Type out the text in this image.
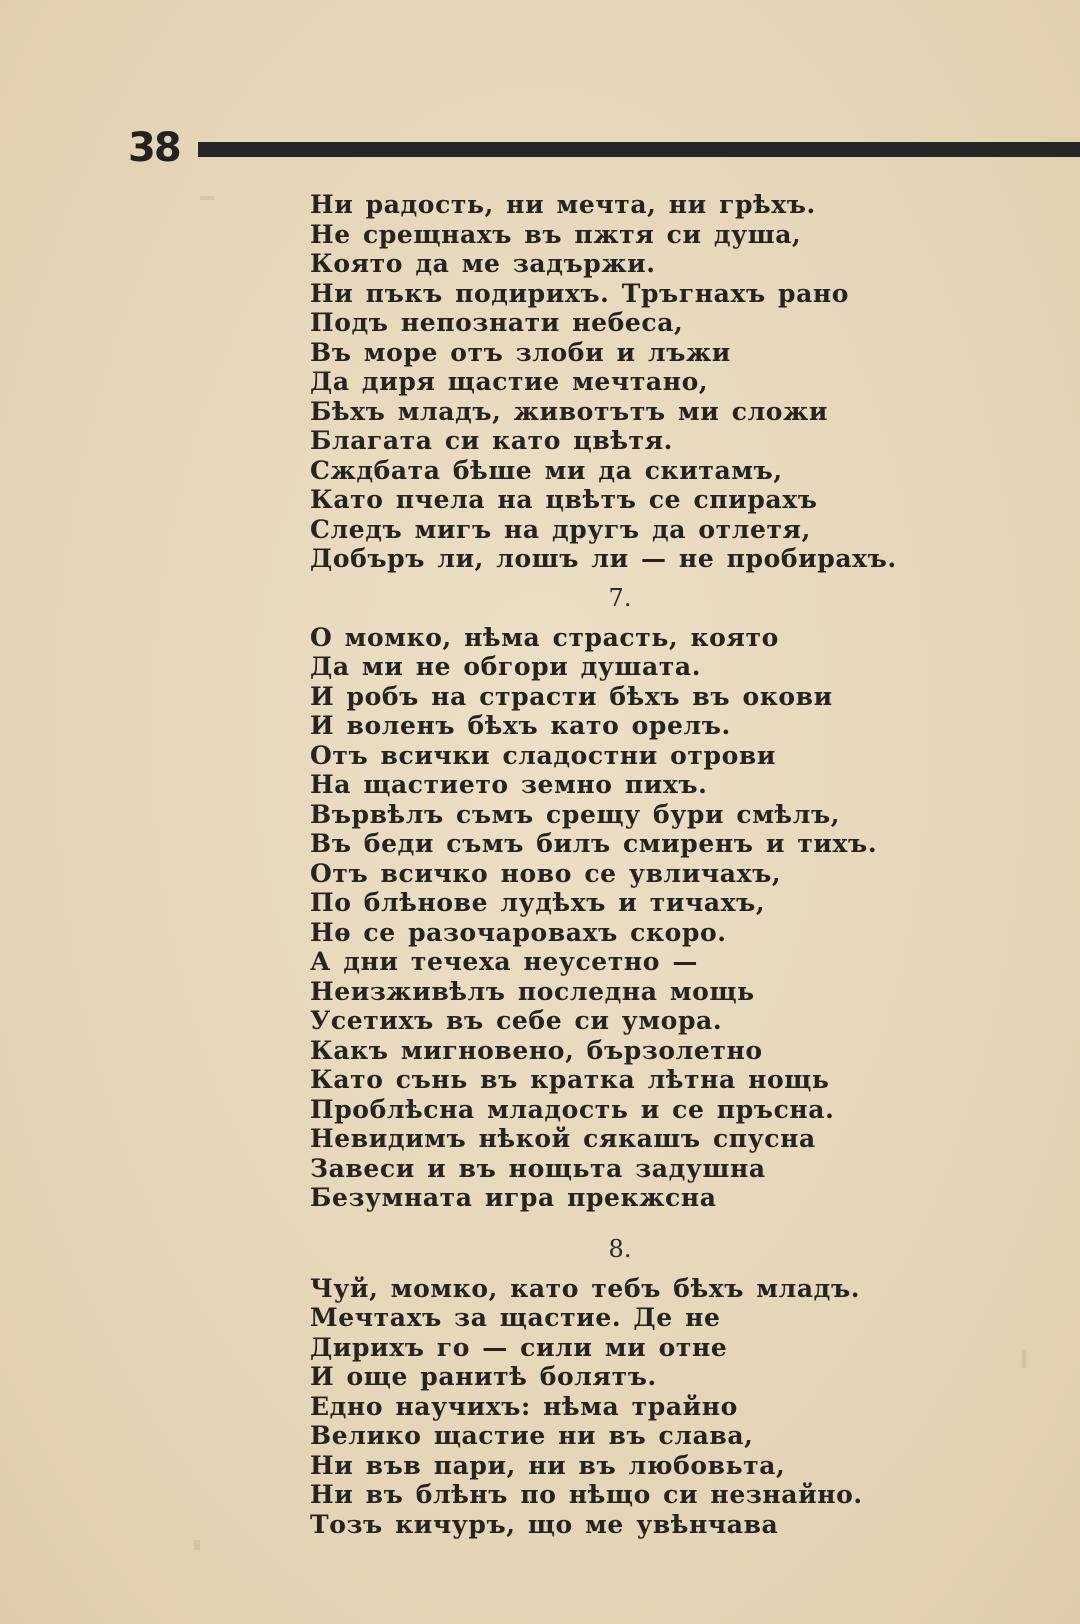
38
Ни радость, ни мечта, ни грѣхъ.
Не срещнахъ въ пжтя си душа,
Която да ме задържи.
Ни пъкъ подирихъ. Тръгнахъ рано
Подъ непознати небеса,
Въ море отъ злоби и лъжи
Да диря щастие мечтано,
Бѣхъ младъ, животътъ ми сложи
Благата си като цвѣтя.
Сждбата бѣше ми да скитамъ,
Като пчела на цвѣтъ се спирахъ
Следъ мигъ на другъ да отлетя,
Добъръ ли, лошъ ли — не пробирахъ.
7.
О момко, нѣма страсть, която
Да ми не обгори душата.
И робъ на страсти бѣхъ въ окови
И воленъ бѣхъ като орелъ.
Отъ всички сладостни отрови
На щастието земно пихъ.
Вървѣлъ съмъ срещу бури смѣлъ,
Въ беди съмъ билъ смиренъ и тихъ.
Отъ всичко ново се увличахъ,
По блѣнове лудѣхъ и тичахъ,
Нѳ се разочаровахъ скоро.
А дни течеха неусетно —
Неизживѣлъ последна мощь
Усетихъ въ себе си умора.
Какъ мигновено, бързолетно
Като сънь въ кратка лѣтна нощь
Проблѣсна младость и се пръсна.
Невидимъ нѣкой сякашъ спусна
Завеси и въ нощьта задушна
Безумната игра прекжсна
8.
Чуй, момко, като тебъ бѣхъ младъ.
Мечтахъ за щастие. Де не
Дирихъ го — сили ми отне
И още ранитѣ болятъ.
Едно научихъ: нѣма трайно
Велико щастие ни въ слава,
Ни във пари, ни въ любовьта,
Ни въ блѣнъ по нѣщо си незнайно.
Тозъ кичуръ, що ме увѣнчава
